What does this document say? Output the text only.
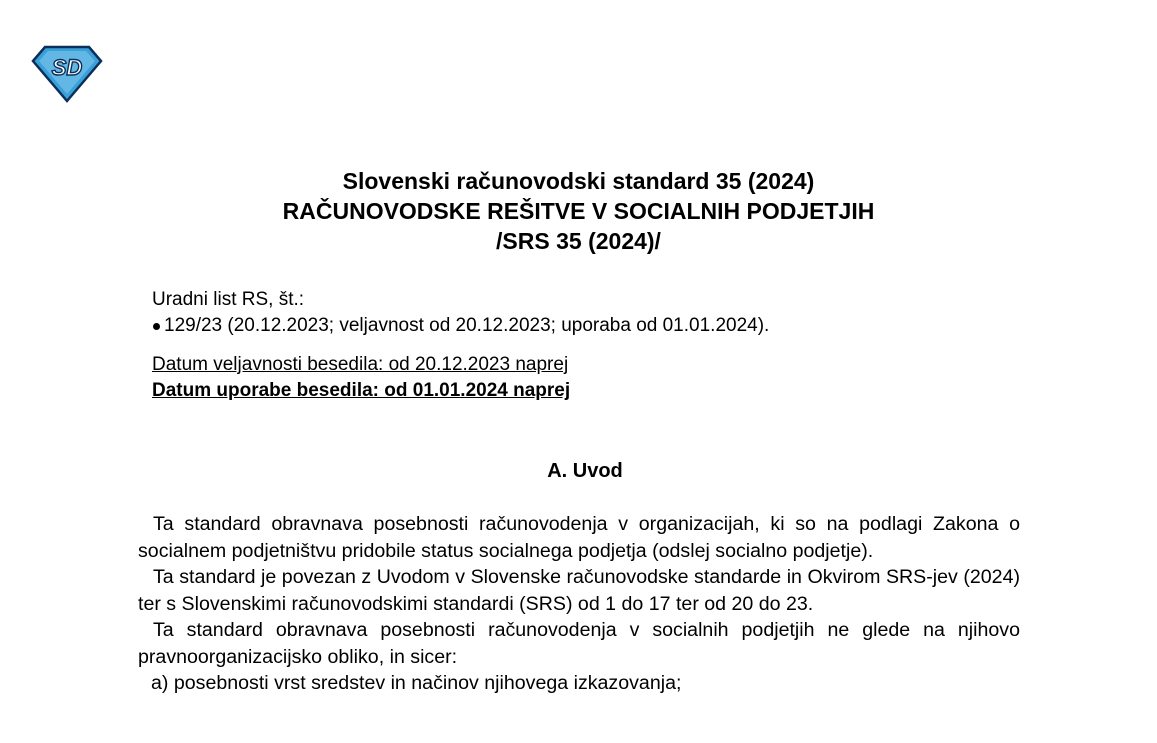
SD

Slovenski računovodski standard 35 (2024)

RAČUNOVODSKE REŠITVE V SOCIALNIH PODJETJIH

/SRS 35 (2024)/

Uradni list RS, št.:
129/23 (20.12.2023; veljavnost od 20.12.2023; uporaba od 01.01.2024).
Datum veljavnosti besedila: od 20.12.2023 naprej
Datum uporabe besedila: od 01.01.2024 naprej
A. Uvod

Ta standard obravnava posebnosti računovodenja v organizacijah, ki so na podlagi Zakona o socialnem podjetništvu pridobile status socialnega podjetja (odslej socialno podjetje).

Ta standard je povezan z Uvodom v Slovenske računovodske standarde in Okvirom SRS-jev (2024) ter s Slovenskimi računovodskimi standardi (SRS) od 1 do 17 ter od 20 do 23.

Ta standard obravnava posebnosti računovodenja v socialnih podjetjih ne glede na njihovo pravnoorganizacijsko obliko, in sicer:

a) posebnosti vrst sredstev in načinov njihovega izkazovanja;
